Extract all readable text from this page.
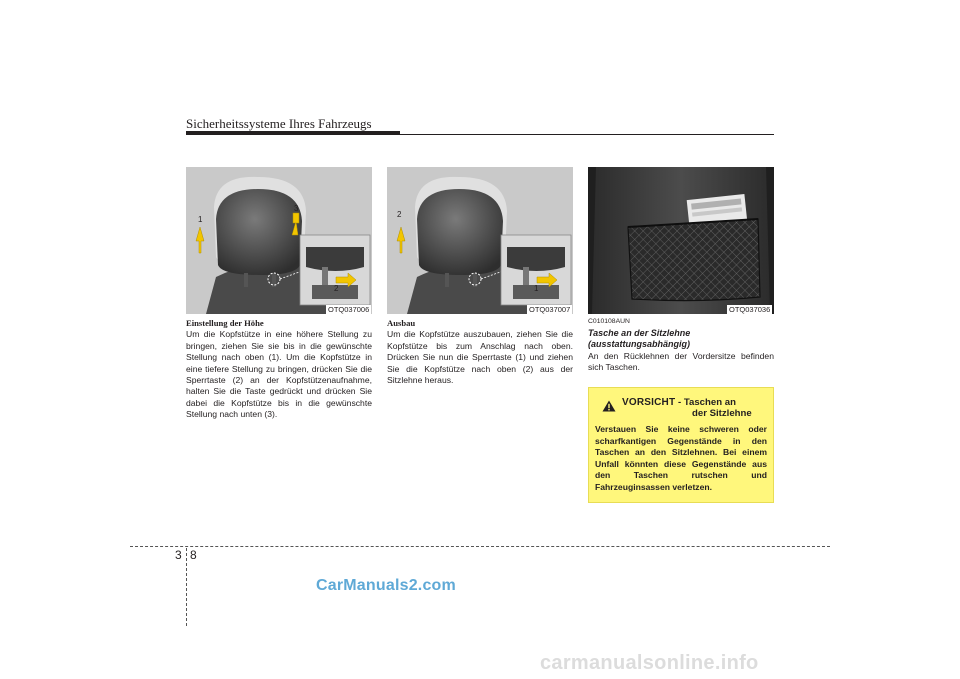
Sicherheitssysteme Ihres Fahrzeugs
1
3
2
OTQ037006
2
1
OTQ037007	OTQ037036
Einstellung der Höhe

Um die Kopfstütze in eine höhere Stellung zu bringen, ziehen Sie sie bis in die gewünschte Stellung nach oben (1). Um die Kopfstütze in eine tiefere Stellung zu bringen, drücken Sie die Sperrtaste (2) an der Kopfstützenaufnahme, halten Sie die Taste gedrückt und drücken Sie dabei die Kopfstütze bis in die gewünschte Stellung nach unten (3).

Ausbau

Um die Kopfstütze auszubauen, ziehen Sie die Kopfstütze bis zum Anschlag nach oben. Drücken Sie nun die Sperrtaste (1) und ziehen Sie die Kopfstütze nach oben (2) aus der Sitzlehne heraus.

C010108AUN
Tasche an der Sitzlehne
(ausstattungsabhängig)
An den Rücklehnen der Vordersitze befinden sich Taschen.
VORSICHT - Taschen an
der Sitzlehne

Verstauen Sie keine schweren oder scharfkantigen Gegenstände in den Taschen an den Sitzlehnen. Bei einem Unfall könnten diese Gegenstände aus den Taschen rutschen und Fahrzeuginsassen verletzen.

3 8
CarManuals2.com
carmanualsonline.info
